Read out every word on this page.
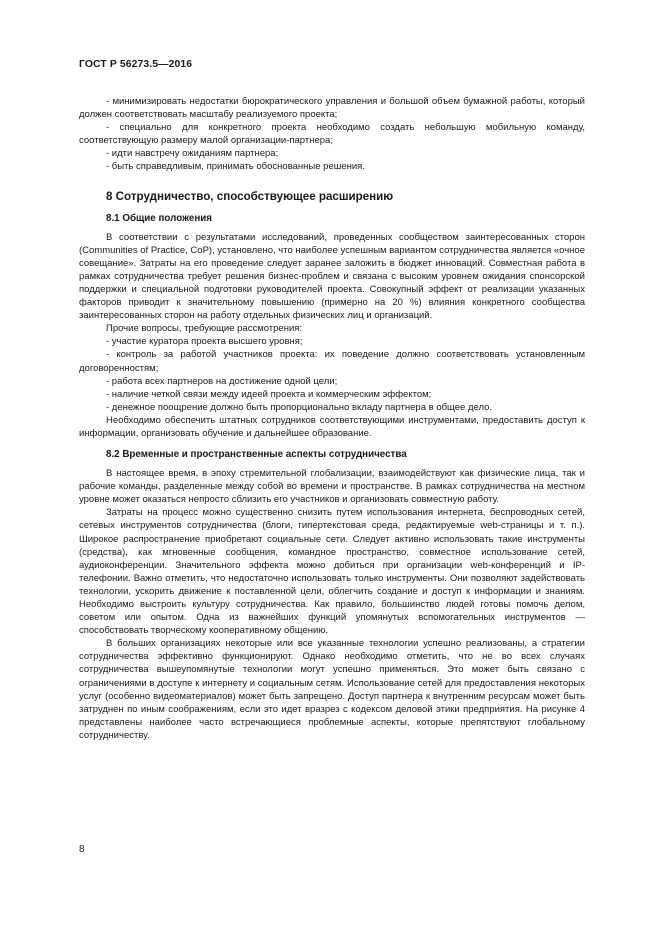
ГОСТ Р 56273.5—2016

- минимизировать недостатки бюрократического управления и большой объем бумажной работы, который должен соответствовать масштабу реализуемого проекта;

- специально для конкретного проекта необходимо создать небольшую мобильную команду, соответствующую размеру малой организации-партнера;

- идти навстречу ожиданиям партнера;

- быть справедливым, принимать обоснованные решения.

8 Сотрудничество, способствующее расширению
8.1 Общие положения

В соответствии с результатами исследований, проведенных сообществом заинтересованных сторон (Communities of Practice, CoP), установлено, что наиболее успешным вариантом сотрудничества является «очное совещание». Затраты на его проведение следует заранее заложить в бюджет инноваций. Совместная работа в рамках сотрудничества требует решения бизнес-проблем и связана с высоким уровнем ожидания спонсорской поддержки и специальной подготовки руководителей проекта. Совокупный эффект от реализации указанных факторов приводит к значительному повышению (примерно на 20 %) влияния конкретного сообщества заинтересованных сторон на работу отдельных физических лиц и организаций.

Прочие вопросы, требующие рассмотрения:

- участие куратора проекта высшего уровня;

- контроль за работой участников проекта: их поведение должно соответствовать установленным договоренностям;

- работа всех партнеров на достижение одной цели;

- наличие четкой связи между идеей проекта и коммерческим эффектом;

- денежное поощрение должно быть пропорционально вкладу партнера в общее дело.

Необходимо обеспечить штатных сотрудников соответствующими инструментами, предоставить доступ к информации, организовать обучение и дальнейшее образование.

8.2 Временные и пространственные аспекты сотрудничества

В настоящее время, в эпоху стремительной глобализации, взаимодействуют как физические лица, так и рабочие команды, разделенные между собой во времени и пространстве. В рамках сотрудничества на местном уровне может оказаться непросто сблизить его участников и организовать совместную работу.

Затраты на процесс можно существенно снизить путем использования интернета, беспроводных сетей, сетевых инструментов сотрудничества (блоги, гипертекстовая среда, редактируемые web-страницы и т. п.). Широкое распространение приобретают социальные сети. Следует активно использовать такие инструменты (средства), как мгновенные сообщения, командное пространство, совместное использование сетей, аудиоконференции. Значительного эффекта можно добиться при организации web-конференций и IP-телефонии. Важно отметить, что недостаточно использовать только инструменты. Они позволяют задействовать технологии, ускорить движение к поставленной цели, облегчить создание и доступ к информации и знаниям. Необходимо выстроить культуру сотрудничества. Как правило, большинство людей готовы помочь делом, советом или опытом. Одна из важнейших функций упомянутых вспомогательных инструментов — способствовать творческому кооперативному общению.

В больших организациях некоторые или все указанные технологии успешно реализованы, а стратегии сотрудничества эффективно функционируют. Однако необходимо отметить, что не во всех случаях сотрудничества вышеупомянутые технологии могут успешно применяться. Это может быть связано с ограничениями в доступе к интернету и социальным сетям. Использование сетей для предоставления некоторых услуг (особенно видеоматериалов) может быть запрещено. Доступ партнера к внутренним ресурсам может быть затруднен по иным соображениям, если это идет вразрез с кодексом деловой этики предприятия. На рисунке 4 представлены наиболее часто встречающиеся проблемные аспекты, которые препятствуют глобальному сотрудничеству.

8
